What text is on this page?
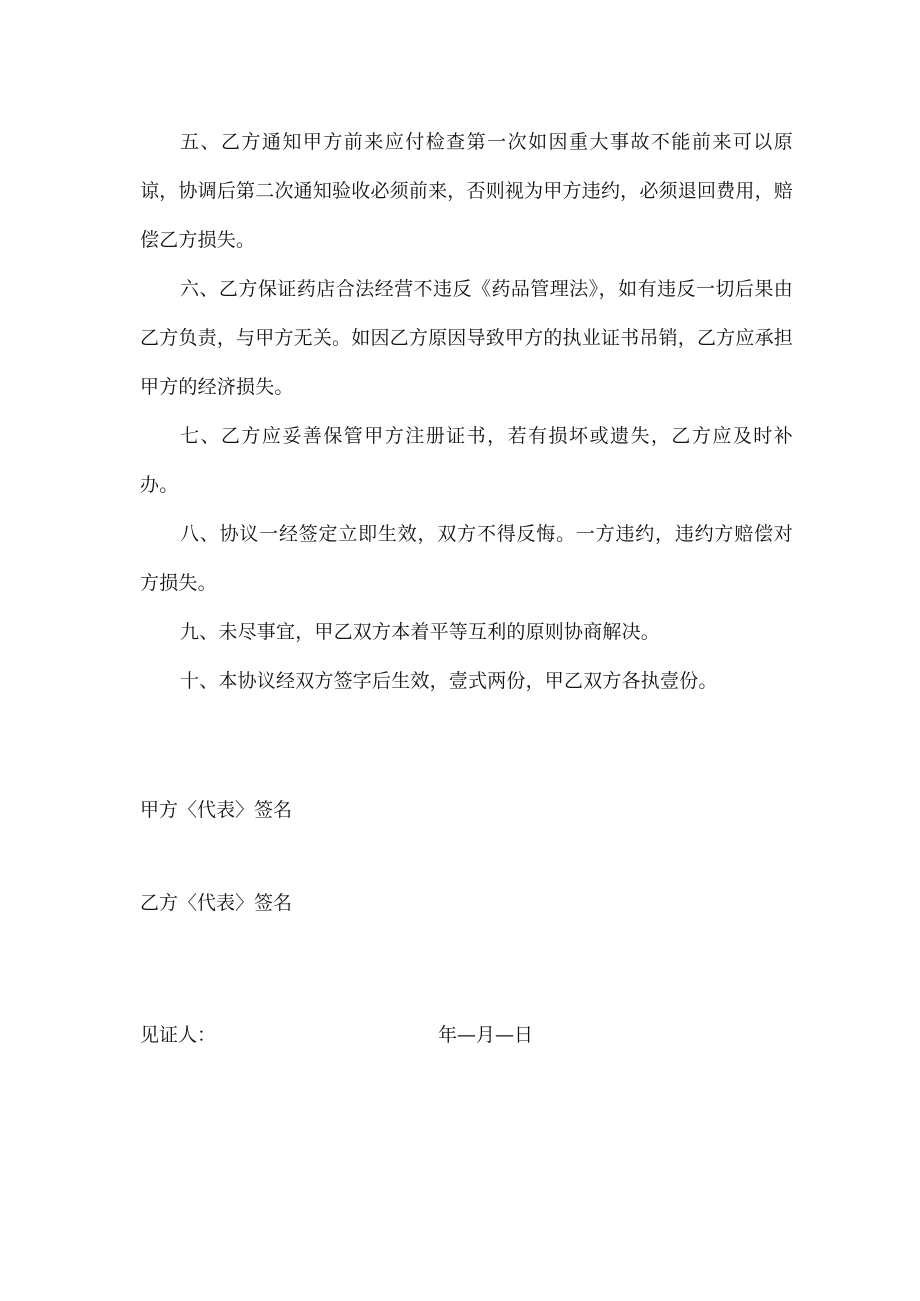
五、乙方通知甲方前来应付检查第一次如因重大事故不能前来可以原谅，协调后第二次通知验收必须前来，否则视为甲方违约，必须退回费用，赔偿乙方损失。

六、乙方保证药店合法经营不违反《药品管理法》，如有违反一切后果由乙方负责，与甲方无关。如因乙方原因导致甲方的执业证书吊销，乙方应承担甲方的经济损失。

七、乙方应妥善保管甲方注册证书，若有损坏或遗失，乙方应及时补办。

八、协议一经签定立即生效，双方不得反悔。一方违约，违约方赔偿对方损失。

九、未尽事宜，甲乙双方本着平等互利的原则协商解决。

十、本协议经双方签字后生效，壹式两份，甲乙双方各执壹份。

甲方〈代表〉签名
乙方〈代表〉签名
见证人：	年—月—日
